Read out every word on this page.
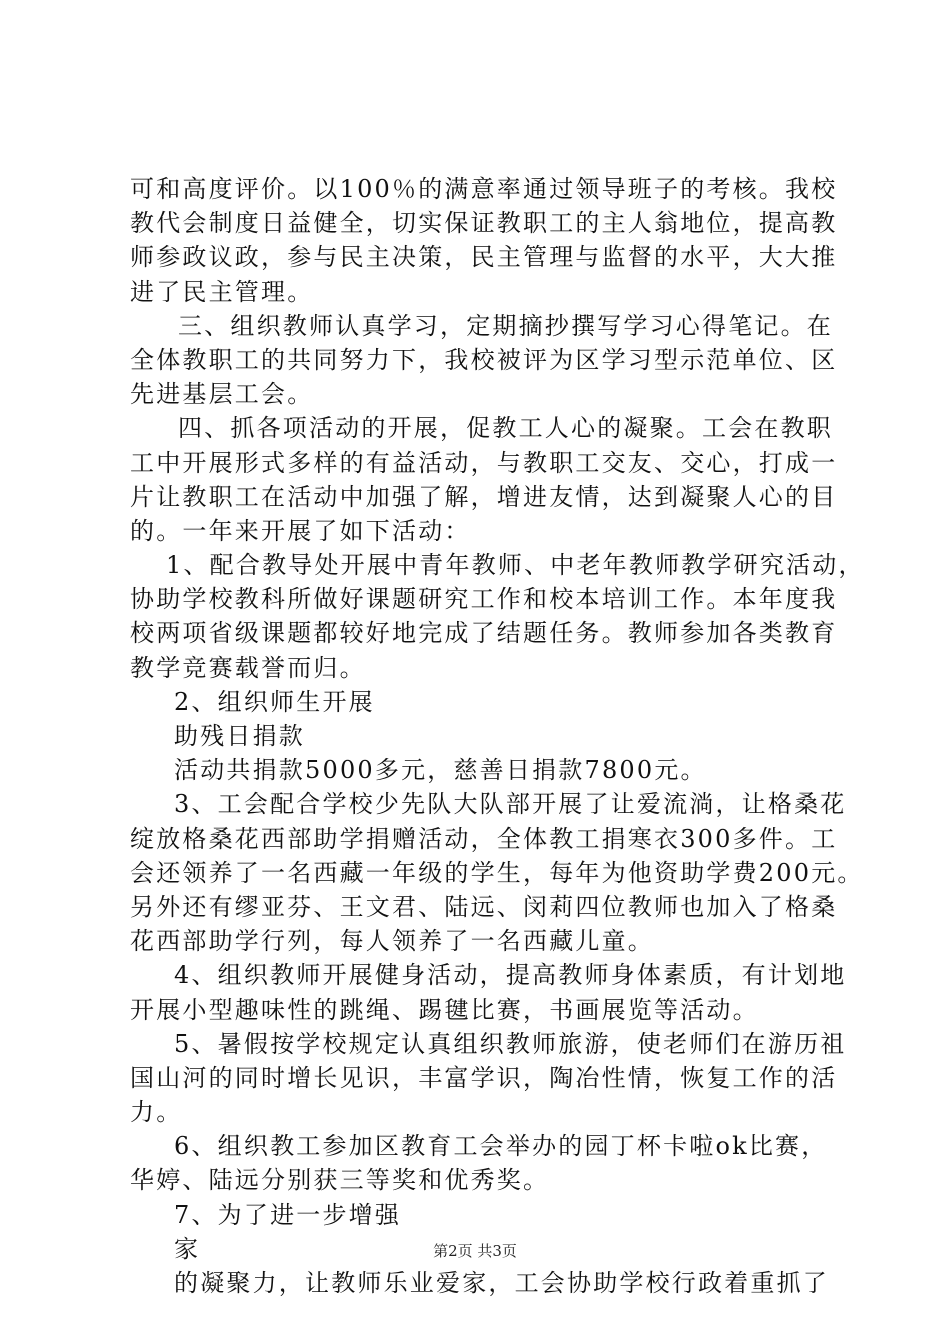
可和高度评价。以100％的满意率通过领导班子的考核。我校
教代会制度日益健全，切实保证教职工的主人翁地位，提高教
师参政议政，参与民主决策，民主管理与监督的水平，大大推
进了民主管理。
三、组织教师认真学习，定期摘抄撰写学习心得笔记。在
全体教职工的共同努力下，我校被评为区学习型示范单位、区
先进基层工会。
四、抓各项活动的开展，促教工人心的凝聚。工会在教职
工中开展形式多样的有益活动，与教职工交友、交心，打成一
片让教职工在活动中加强了解，增进友情，达到凝聚人心的目
的。一年来开展了如下活动：
1、配合教导处开展中青年教师、中老年教师教学研究活动，
协助学校教科所做好课题研究工作和校本培训工作。本年度我
校两项省级课题都较好地完成了结题任务。教师参加各类教育
教学竞赛载誉而归。
2、组织师生开展
助残日捐款
活动共捐款5000多元，慈善日捐款7800元。
3、工会配合学校少先队大队部开展了让爱流淌，让格桑花
绽放格桑花西部助学捐赠活动，全体教工捐寒衣300多件。工
会还领养了一名西藏一年级的学生，每年为他资助学费200元。
另外还有缪亚芬、王文君、陆远、闵莉四位教师也加入了格桑
花西部助学行列，每人领养了一名西藏儿童。
4、组织教师开展健身活动，提高教师身体素质，有计划地
开展小型趣味性的跳绳、踢毽比赛，书画展览等活动。
5、暑假按学校规定认真组织教师旅游，使老师们在游历祖
国山河的同时增长见识，丰富学识，陶冶性情，恢复工作的活
力。
6、组织教工参加区教育工会举办的园丁杯卡啦ok比赛，
华婷、陆远分别获三等奖和优秀奖。
7、为了进一步增强
家
的凝聚力，让教师乐业爱家，工会协助学校行政着重抓了
第2页 共3页
